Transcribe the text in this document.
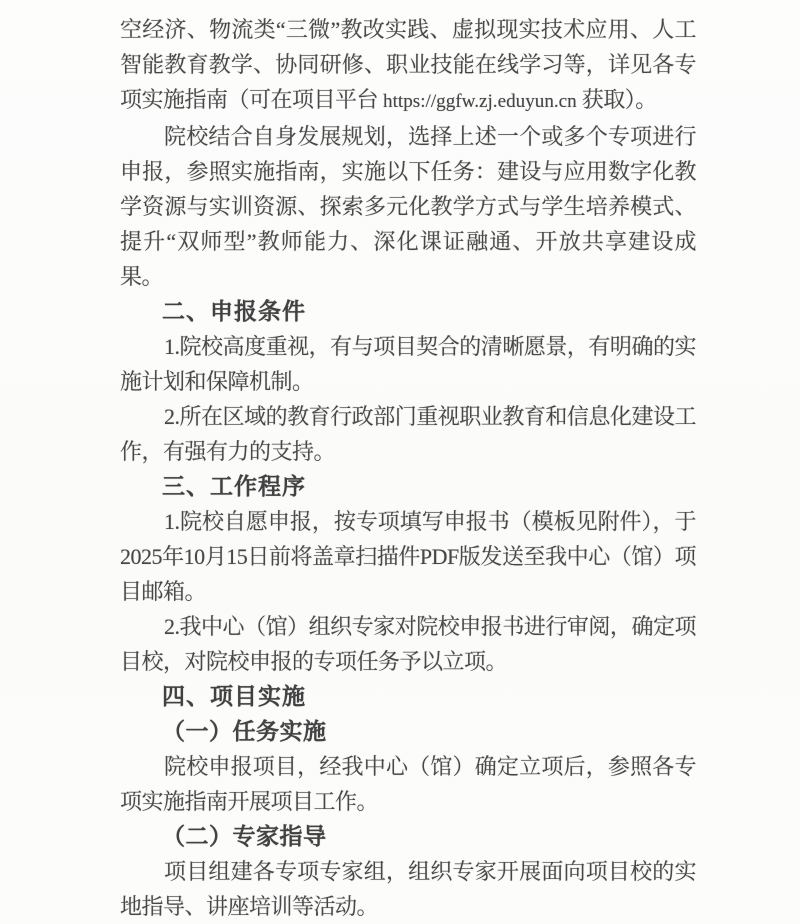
空经济、物流类“三微”教改实践、虚拟现实技术应用、人工智能教育教学、协同研修、职业技能在线学习等，详见各专项实施指南（可在项目平台 https://ggfw.zj.eduyun.cn 获取）。

院校结合自身发展规划，选择上述一个或多个专项进行申报，参照实施指南，实施以下任务：建设与应用数字化教学资源与实训资源、探索多元化教学方式与学生培养模式、提升“双师型”教师能力、深化课证融通、开放共享建设成果。

二、申报条件

1.院校高度重视，有与项目契合的清晰愿景，有明确的实施计划和保障机制。

2.所在区域的教育行政部门重视职业教育和信息化建设工作，有强有力的支持。

三、工作程序

1.院校自愿申报，按专项填写申报书（模板见附件），于2025年10月15日前将盖章扫描件PDF版发送至我中心（馆）项目邮箱。

2.我中心（馆）组织专家对院校申报书进行审阅，确定项目校，对院校申报的专项任务予以立项。

四、项目实施
（一）任务实施

院校申报项目，经我中心（馆）确定立项后，参照各专项实施指南开展项目工作。

（二）专家指导

项目组建各专项专家组，组织专家开展面向项目校的实地指导、讲座培训等活动。
